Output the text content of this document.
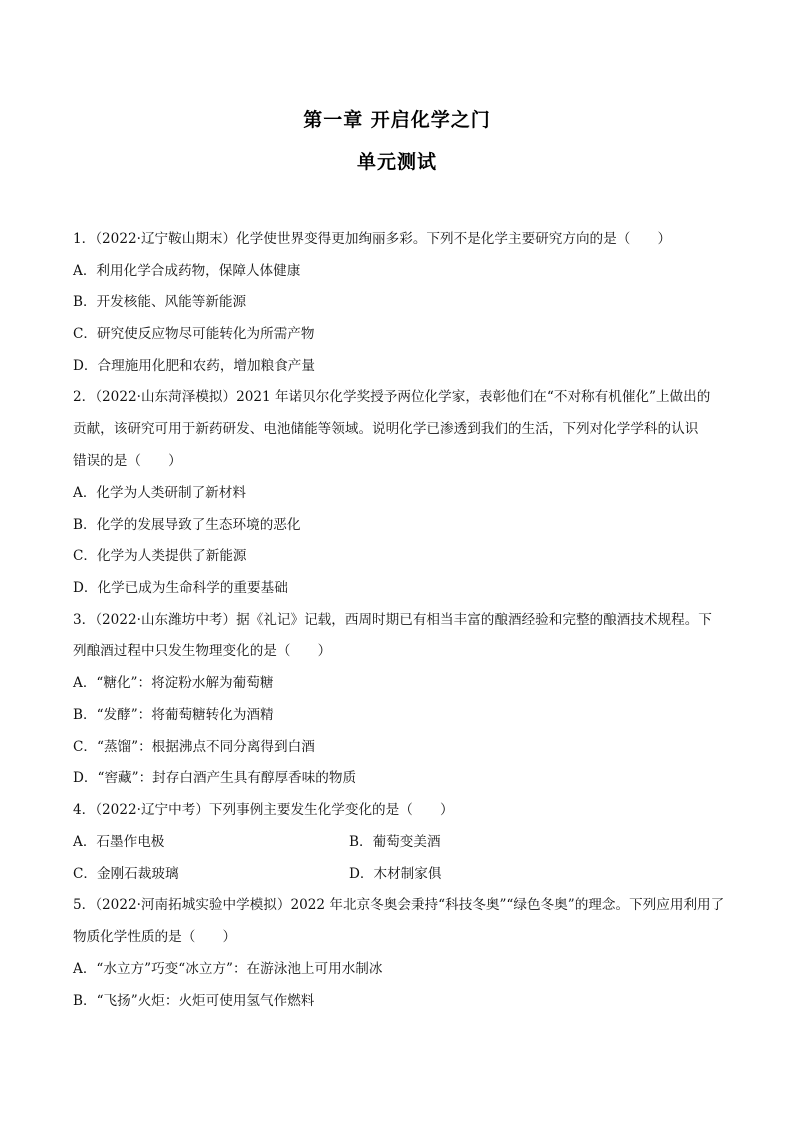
第一章 开启化学之门
单元测试
1．（2022·辽宁鞍山期末）化学使世界变得更加绚丽多彩。下列不是化学主要研究方向的是（　　）
A．利用化学合成药物，保障人体健康
B．开发核能、风能等新能源
C．研究使反应物尽可能转化为所需产物
D．合理施用化肥和农药，增加粮食产量
2．（2022·山东菏泽模拟）2021 年诺贝尔化学奖授予两位化学家，表彰他们在“不对称有机催化”上做出的
贡献，该研究可用于新药研发、电池储能等领域。说明化学已渗透到我们的生活，下列对化学学科的认识
错误的是（　　）
A．化学为人类研制了新材料
B．化学的发展导致了生态环境的恶化
C．化学为人类提供了新能源
D．化学已成为生命科学的重要基础
3．（2022·山东潍坊中考）据《礼记》记载，西周时期已有相当丰富的酿酒经验和完整的酿酒技术规程。下
列酿酒过程中只发生物理变化的是（　　）
A．“糖化”：将淀粉水解为葡萄糖
B．“发酵”：将葡萄糖转化为酒精
C．“蒸馏”：根据沸点不同分离得到白酒
D．“窖藏”：封存白酒产生具有醇厚香味的物质
4．（2022·辽宁中考）下列事例主要发生化学变化的是（　　）
A．石墨作电极	B．葡萄变美酒
C．金刚石裁玻璃	D．木材制家俱
5．（2022·河南拓城实验中学模拟）2022 年北京冬奥会秉持“科技冬奥”“绿色冬奥”的理念。下列应用利用了
物质化学性质的是（　　）
A．“水立方”巧变“冰立方”：在游泳池上可用水制冰
B．“飞扬”火炬：火炬可使用氢气作燃料
